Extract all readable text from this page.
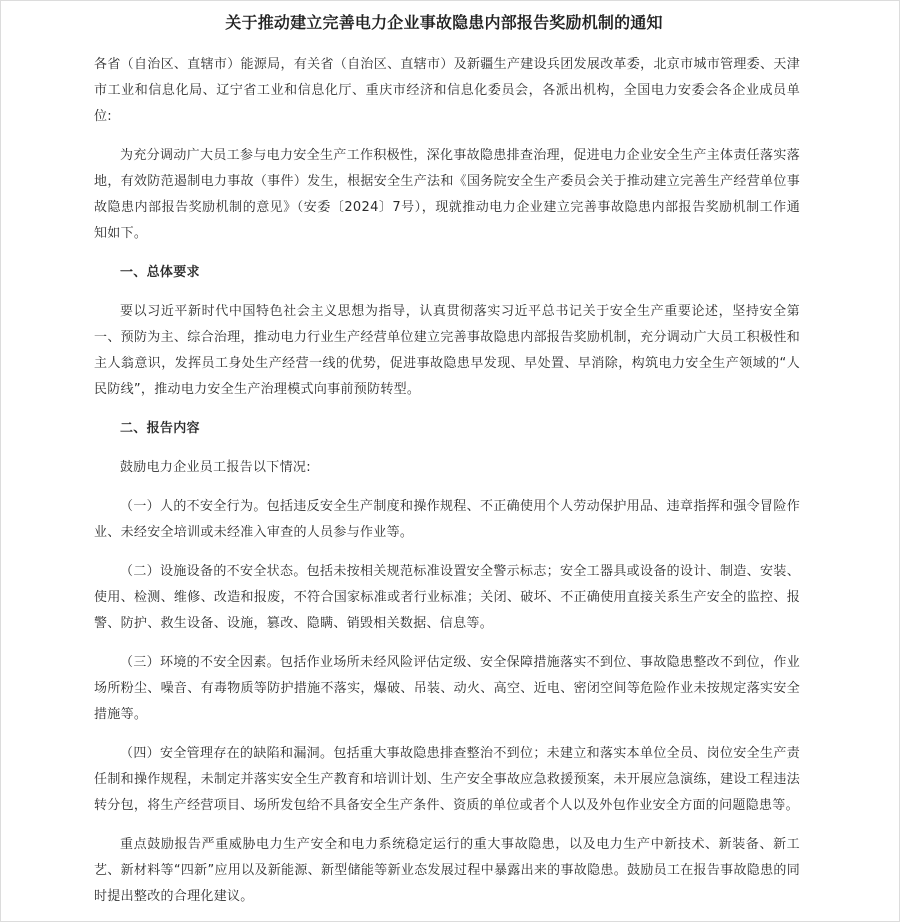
关于推动建立完善电力企业事故隐患内部报告奖励机制的通知

各省（自治区、直辖市）能源局，有关省（自治区、直辖市）及新疆生产建设兵团发展改革委，北京市城市管理委、天津市工业和信息化局、辽宁省工业和信息化厅、重庆市经济和信息化委员会，各派出机构，全国电力安委会各企业成员单位:

为充分调动广大员工参与电力安全生产工作积极性，深化事故隐患排查治理，促进电力企业安全生产主体责任落实落地，有效防范遏制电力事故（事件）发生，根据安全生产法和《国务院安全生产委员会关于推动建立完善生产经营单位事故隐患内部报告奖励机制的意见》（安委〔2024〕7号），现就推动电力企业建立完善事故隐患内部报告奖励机制工作通知如下。

一、总体要求

要以习近平新时代中国特色社会主义思想为指导，认真贯彻落实习近平总书记关于安全生产重要论述，坚持安全第一、预防为主、综合治理，推动电力行业生产经营单位建立完善事故隐患内部报告奖励机制，充分调动广大员工积极性和主人翁意识，发挥员工身处生产经营一线的优势，促进事故隐患早发现、早处置、早消除，构筑电力安全生产领域的“人民防线”，推动电力安全生产治理模式向事前预防转型。

二、报告内容

鼓励电力企业员工报告以下情况:

（一）人的不安全行为。包括违反安全生产制度和操作规程、不正确使用个人劳动保护用品、违章指挥和强令冒险作业、未经安全培训或未经准入审查的人员参与作业等。

（二）设施设备的不安全状态。包括未按相关规范标准设置安全警示标志；安全工器具或设备的设计、制造、安装、使用、检测、维修、改造和报废，不符合国家标准或者行业标准；关闭、破坏、不正确使用直接关系生产安全的监控、报警、防护、救生设备、设施，篡改、隐瞒、销毁相关数据、信息等。

（三）环境的不安全因素。包括作业场所未经风险评估定级、安全保障措施落实不到位、事故隐患整改不到位，作业场所粉尘、噪音、有毒物质等防护措施不落实，爆破、吊装、动火、高空、近电、密闭空间等危险作业未按规定落实安全措施等。

（四）安全管理存在的缺陷和漏洞。包括重大事故隐患排查整治不到位；未建立和落实本单位全员、岗位安全生产责任制和操作规程，未制定并落实安全生产教育和培训计划、生产安全事故应急救援预案，未开展应急演练，建设工程违法转分包，将生产经营项目、场所发包给不具备安全生产条件、资质的单位或者个人以及外包作业安全方面的问题隐患等。

重点鼓励报告严重威胁电力生产安全和电力系统稳定运行的重大事故隐患，以及电力生产中新技术、新装备、新工艺、新材料等“四新”应用以及新能源、新型储能等新业态发展过程中暴露出来的事故隐患。鼓励员工在报告事故隐患的同时提出整改的合理化建议。
